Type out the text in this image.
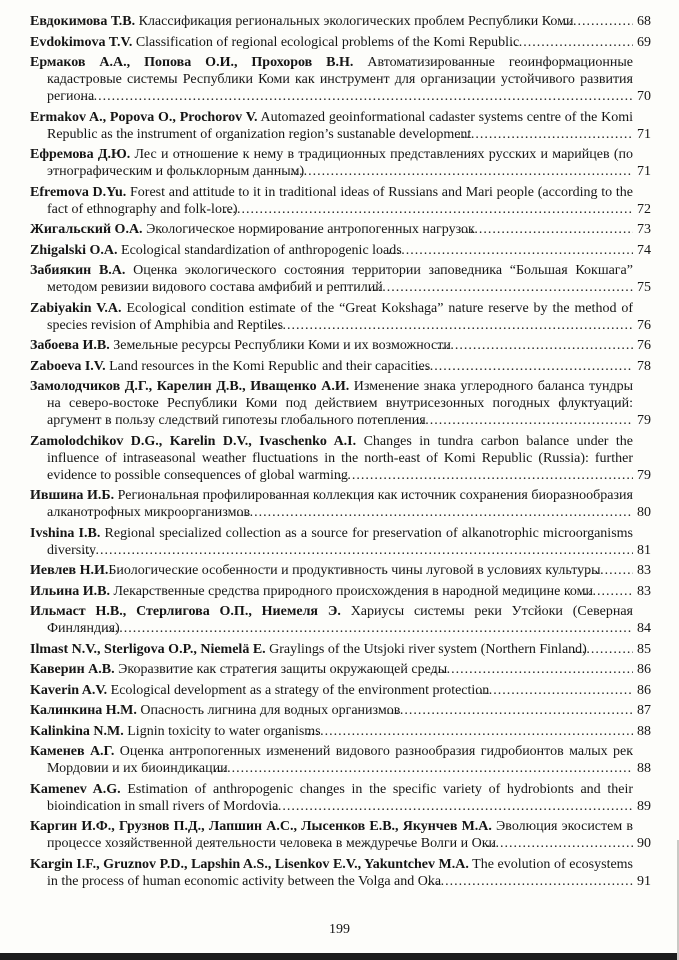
Евдокимова Т.В. Классификация региональных экологических проблем Республики Коми .....	68
Evdokimova T.V. Classification of regional ecological problems of the Komi Republic .....	69
Ермаков А.А., Попова О.И., Прохоров В.Н. Автоматизированные геоинформационные кадастровые системы Республики Коми как инструмент для организации устойчивого развития региона .....	70
Ermakov A., Popova O., Prochorov V. Automazed geoinformational cadaster systems centre of the Komi Republic as the instrument of organization region’s sustanable development .....	71
Ефремова Д.Ю. Лес и отношение к нему в традиционных представлениях русских и марийцев (по этнографическим и фольклорным данным) .....	71
Efremova D.Yu. Forest and attitude to it in traditional ideas of Russians and Mari people (according to the fact of ethnography and folk-lore) .....	72
Жигальский О.А. Экологическое нормирование антропогенных нагрузок .....	73
Zhigalski O.A. Ecological standardization of anthropogenic loads .....	74
Забиякин В.А. Оценка экологического состояния территории заповедника “Большая Кокшага” методом ревизии видового состава амфибий и рептилий .....	75
Zabiyakin V.A. Ecological condition estimate of the “Great Kokshaga” nature reserve by the method of species revision of Amphibia and Reptiles .....	76
Забоева И.В. Земельные ресурсы Республики Коми и их возможности .....	76
Zaboeva I.V. Land resources in the Komi Republic and their capacities .....	78
Замолодчиков Д.Г., Карелин Д.В., Иващенко А.И. Изменение знака углеродного баланса тундры на северо-востоке Республики Коми под действием внутрисезонных погодных флуктуаций: аргумент в пользу следствий гипотезы глобального потепления .....	79
Zamolodchikov D.G., Karelin D.V., Ivaschenko A.I. Changes in tundra carbon balance under the influence of intraseasonal weather fluctuations in the north-east of Komi Republic (Russia): further evidence to possible consequences of global warming .....	79
Ившина И.Б. Региональная профилированная коллекция как источник сохранения биоразнообразия алканотрофных микроорганизмов .....	80
Ivshina I.B. Regional specialized collection as a source for preservation of alkanotrophic microorganisms diversity .....	81
Иевлев Н.И.Биологические особенности и продуктивность чины луговой в условиях культуры .....	83
Ильина И.В. Лекарственные средства природного происхождения в народной медицине коми .....	83
Ильмаст Н.В., Стерлигова О.П., Ниемеля Э. Хариусы системы реки Утсйоки (Северная Финляндия) .....	84
Ilmast N.V., Sterligova O.P., Niemelä E. Graylings of the Utsjoki river system (Northern Finland) .....	85
Каверин А.В. Экоразвитие как стратегия защиты окружающей среды .....	86
Kaverin A.V. Ecological development as a strategy of the environment protection .....	86
Калинкина Н.М. Опасность лигнина для водных организмов .....	87
Kalinkina N.M. Lignin toxicity to water organisms .....	88
Каменев А.Г. Оценка антропогенных изменений видового разнообразия гидробионтов малых рек Мордовии и их биоиндикации .....	88
Kamenev A.G. Estimation of anthropogenic changes in the specific variety of hydrobionts and their bioindication in small rivers of Mordovia .....	89
Каргин И.Ф., Грузнов П.Д., Лапшин А.С., Лысенков Е.В., Якунчев М.А. Эволюция экосистем в процессе хозяйственной деятельности человека в междуречье Волги и Оки .....	90
Kargin I.F., Gruznov P.D., Lapshin A.S., Lisenkov E.V., Yakuntchev M.A. The evolution of ecosystems in the process of human economic activity between the Volga and Oka .....	91
199
